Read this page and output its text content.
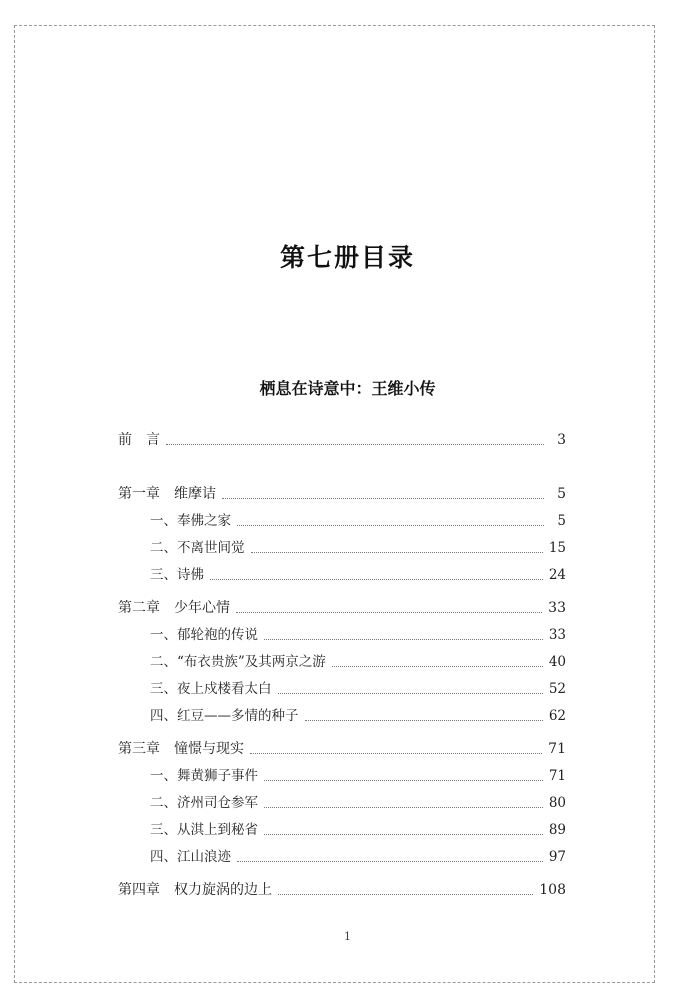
第七册目录
栖息在诗意中：王维小传
前　言	3
第一章　维摩诘	5
一、奉佛之家	5
二、不离世间觉	15
三、诗佛	24
第二章　少年心情	33
一、郁轮袍的传说	33
二、“布衣贵族”及其两京之游	40
三、夜上戍楼看太白	52
四、红豆——多情的种子	62
第三章　憧憬与现实	71
一、舞黄狮子事件	71
二、济州司仓参军	80
三、从淇上到秘省	89
四、江山浪迹	97
第四章　权力旋涡的边上	108
1
